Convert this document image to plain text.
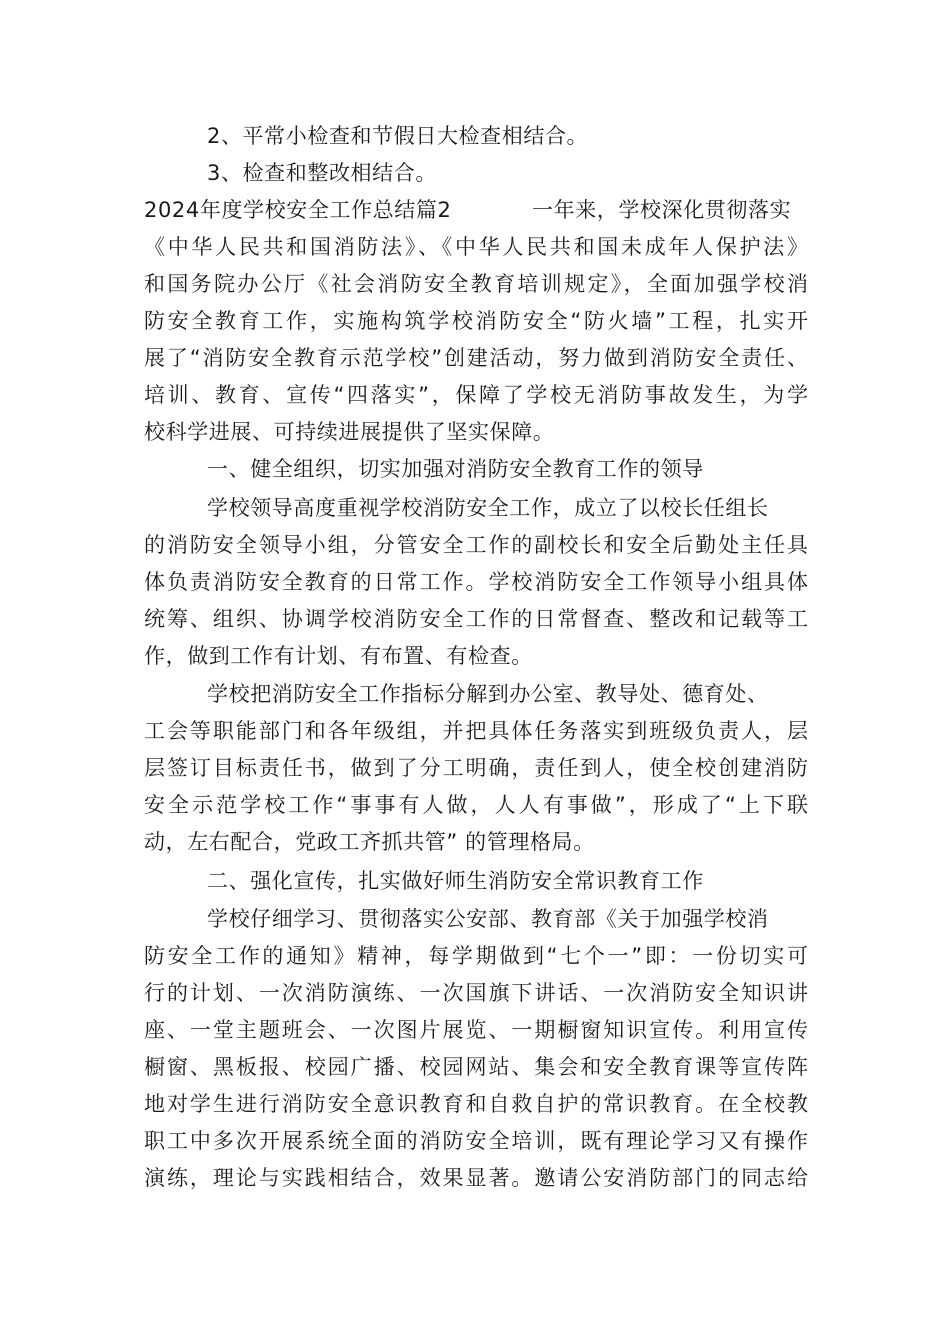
2、平常小检查和节假日大检查相结合。
3、检查和整改相结合。
2024年度学校安全工作总结篇2	一年来，学校深化贯彻落实
《中华人民共和国消防法》、《中华人民共和国未成年人保护法》
和国务院办公厅《社会消防安全教育培训规定》，全面加强学校消
防安全教育工作，实施构筑学校消防安全“防火墙”工程，扎实开
展了“消防安全教育示范学校”创建活动，努力做到消防安全责任、
培训、教育、宣传“四落实”，保障了学校无消防事故发生，为学
校科学进展、可持续进展提供了坚实保障。
一、健全组织，切实加强对消防安全教育工作的领导
学校领导高度重视学校消防安全工作，成立了以校长任组长
的消防安全领导小组，分管安全工作的副校长和安全后勤处主任具
体负责消防安全教育的日常工作。学校消防安全工作领导小组具体
统筹、组织、协调学校消防安全工作的日常督查、整改和记载等工
作，做到工作有计划、有布置、有检查。
学校把消防安全工作指标分解到办公室、教导处、德育处、
工会等职能部门和各年级组，并把具体任务落实到班级负责人，层
层签订目标责任书，做到了分工明确，责任到人，使全校创建消防
安全示范学校工作“事事有人做，人人有事做”，形成了“上下联
动，左右配合，党政工齐抓共管” 的管理格局。
二、强化宣传，扎实做好师生消防安全常识教育工作
学校仔细学习、贯彻落实公安部、教育部《关于加强学校消
防安全工作的通知》精神，每学期做到“七个一”即：一份切实可
行的计划、一次消防演练、一次国旗下讲话、一次消防安全知识讲
座、一堂主题班会、一次图片展览、一期橱窗知识宣传。利用宣传
橱窗、黑板报、校园广播、校园网站、集会和安全教育课等宣传阵
地对学生进行消防安全意识教育和自救自护的常识教育。在全校教
职工中多次开展系统全面的消防安全培训，既有理论学习又有操作
演练，理论与实践相结合，效果显著。邀请公安消防部门的同志给
